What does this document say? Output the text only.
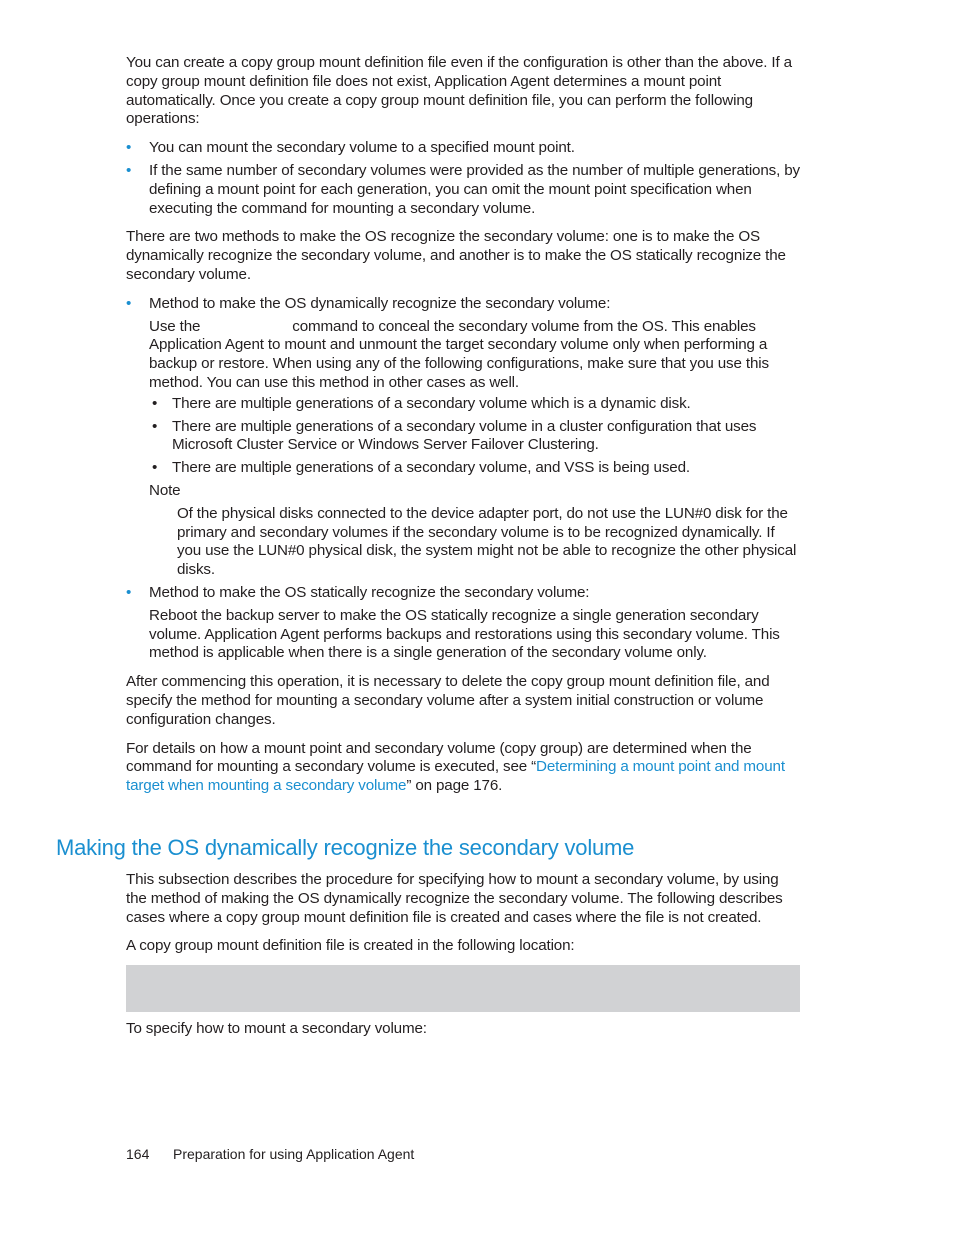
You can create a copy group mount definition file even if the configuration is other than the above. If a copy group mount definition file does not exist, Application Agent determines a mount point automatically. Once you create a copy group mount definition file, you can perform the following operations:

• You can mount the secondary volume to a specified mount point.
• If the same number of secondary volumes were provided as the number of multiple generations, by defining a mount point for each generation, you can omit the mount point specification when executing the command for mounting a secondary volume.

There are two methods to make the OS recognize the secondary volume: one is to make the OS dynamically recognize the secondary volume, and another is to make the OS statically recognize the secondary volume.

• Method to make the OS dynamically recognize the secondary volume:

Use the	command to conceal the secondary volume from the OS. This enables Application Agent to mount and unmount the target secondary volume only when performing a backup or restore. When using any of the following configurations, make sure that you use this method. You can use this method in other cases as well.

• There are multiple generations of a secondary volume which is a dynamic disk.
• There are multiple generations of a secondary volume in a cluster configuration that uses Microsoft Cluster Service or Windows Server Failover Clustering.
• There are multiple generations of a secondary volume, and VSS is being used.

Note

Of the physical disks connected to the device adapter port, do not use the LUN#0 disk for the primary and secondary volumes if the secondary volume is to be recognized dynamically. If you use the LUN#0 physical disk, the system might not be able to recognize the other physical disks.

• Method to make the OS statically recognize the secondary volume:

Reboot the backup server to make the OS statically recognize a single generation secondary volume. Application Agent performs backups and restorations using this secondary volume. This method is applicable when there is a single generation of the secondary volume only.

After commencing this operation, it is necessary to delete the copy group mount definition file, and specify the method for mounting a secondary volume after a system initial construction or volume configuration changes.

For details on how a mount point and secondary volume (copy group) are determined when the command for mounting a secondary volume is executed, see “Determining a mount point and mount target when mounting a secondary volume” on page 176.

Making the OS dynamically recognize the secondary volume

This subsection describes the procedure for specifying how to mount a secondary volume, by using the method of making the OS dynamically recognize the secondary volume. The following describes cases where a copy group mount definition file is created and cases where the file is not created.

A copy group mount definition file is created in the following location:

To specify how to mount a secondary volume:

164 Preparation for using Application Agent
